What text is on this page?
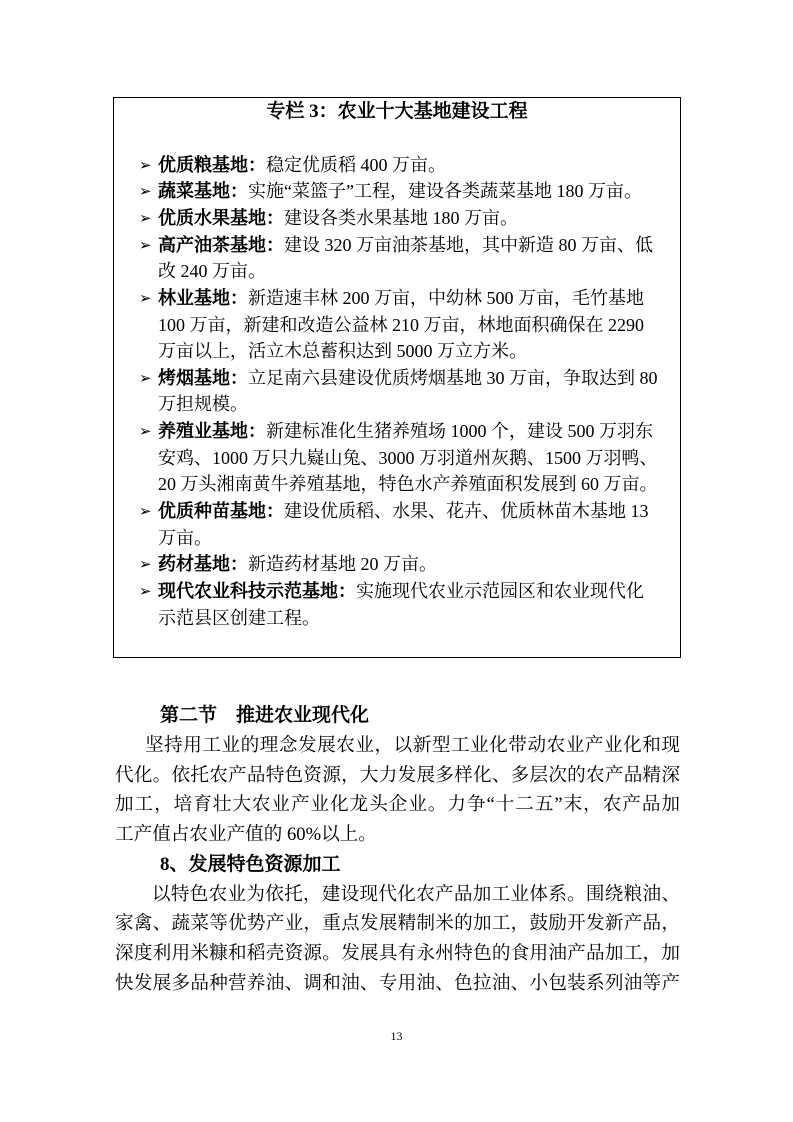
专栏 3：农业十大基地建设工程
➢ 优质粮基地：稳定优质稻 400 万亩。
➢ 蔬菜基地：实施“菜篮子”工程，建设各类蔬菜基地 180 万亩。
➢ 优质水果基地：建设各类水果基地 180 万亩。
➢ 高产油茶基地：建设 320 万亩油茶基地，其中新造 80 万亩、低
改 240 万亩。
➢ 林业基地：新造速丰林 200 万亩，中幼林 500 万亩，毛竹基地
100 万亩，新建和改造公益林 210 万亩，林地面积确保在 2290
万亩以上，活立木总蓄积达到 5000 万立方米。
➢ 烤烟基地：立足南六县建设优质烤烟基地 30 万亩，争取达到 80
万担规模。
➢ 养殖业基地：新建标准化生猪养殖场 1000 个，建设 500 万羽东
安鸡、1000 万只九嶷山兔、3000 万羽道州灰鹅、1500 万羽鸭、
20 万头湘南黄牛养殖基地，特色水产养殖面积发展到 60 万亩。
➢ 优质种苗基地：建设优质稻、水果、花卉、优质林苗木基地 13
万亩。
➢ 药材基地：新造药材基地 20 万亩。
➢ 现代农业科技示范基地：实施现代农业示范园区和农业现代化
示范县区创建工程。
第二节　推进农业现代化
坚持用工业的理念发展农业，以新型工业化带动农业产业化和现
代化。依托农产品特色资源，大力发展多样化、多层次的农产品精深
加工，培育壮大农业产业化龙头企业。力争“十二五”末，农产品加
工产值占农业产值的 60%以上。
8、发展特色资源加工
以特色农业为依托，建设现代化农产品加工业体系。围绕粮油、
家禽、蔬菜等优势产业，重点发展精制米的加工，鼓励开发新产品，
深度利用米糠和稻壳资源。发展具有永州特色的食用油产品加工，加
快发展多品种营养油、调和油、专用油、色拉油、小包装系列油等产
13
